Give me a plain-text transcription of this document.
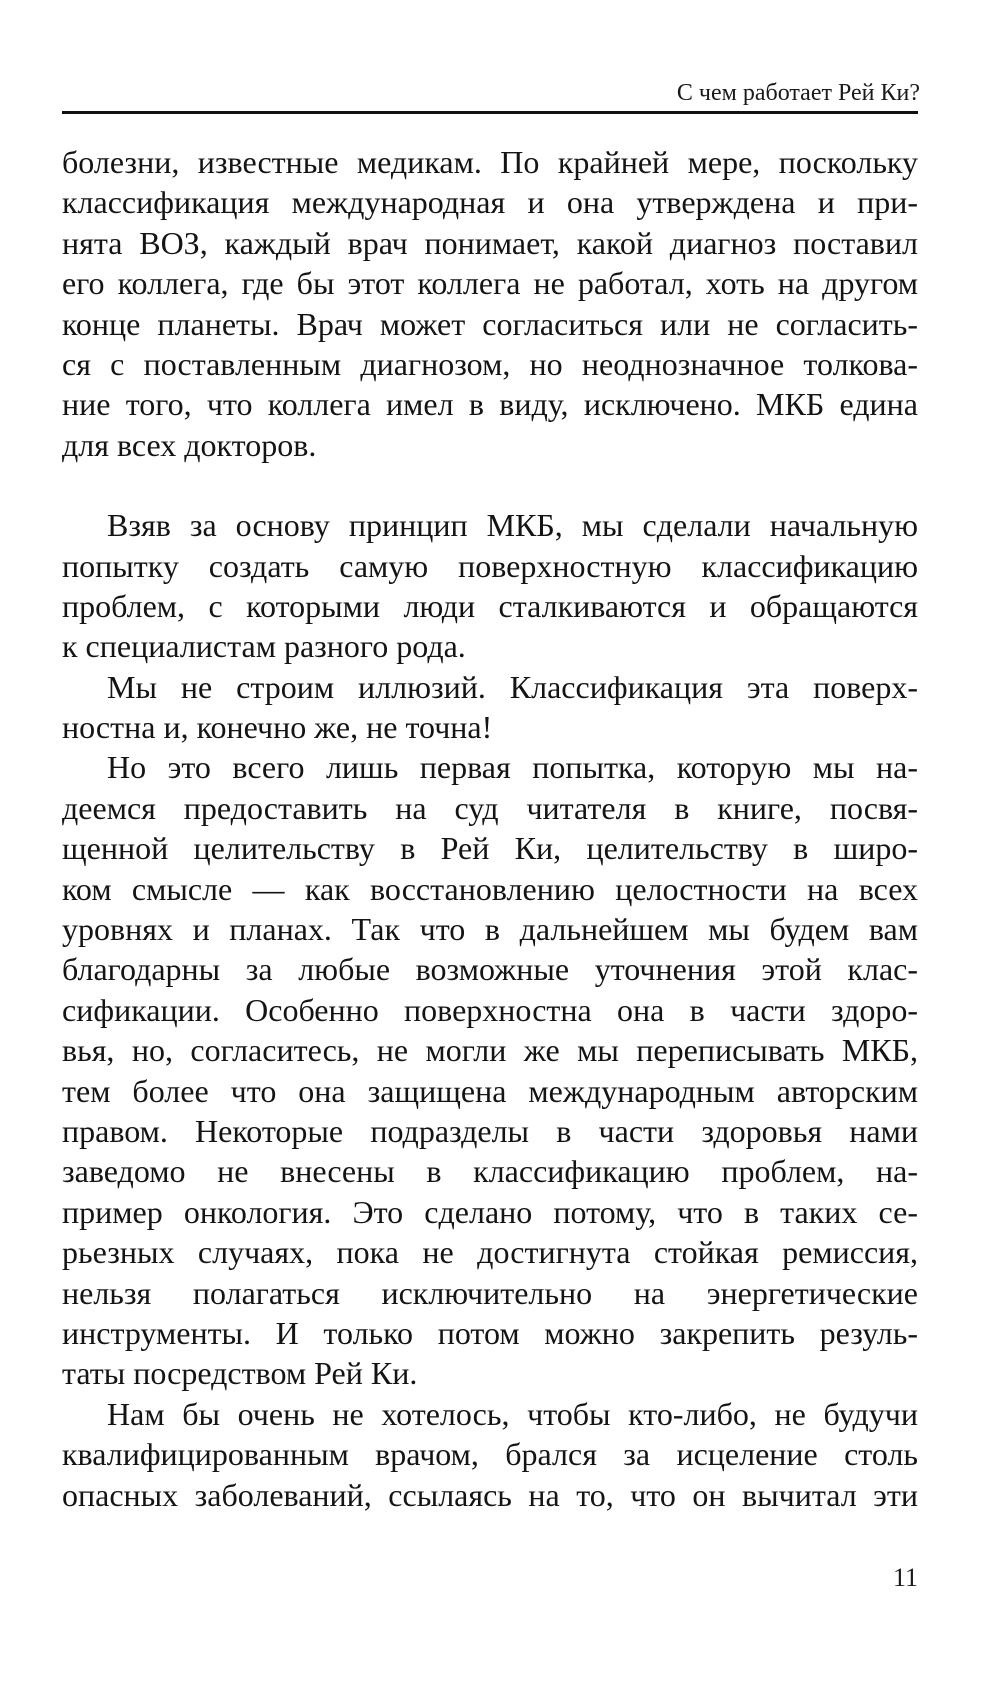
С чем работает Рей Ки?
болезни, известные медикам. По крайней мере, поскольку
классификация международная и она утверждена и при-
нята ВОЗ, каждый врач понимает, какой диагноз поставил
его коллега, где бы этот коллега не работал, хоть на другом
конце планеты. Врач может согласиться или не согласить-
ся с поставленным диагнозом, но неоднозначное толкова-
ние того, что коллега имел в виду, исключено. МКБ едина
для всех докторов.
Взяв за основу принцип МКБ, мы сделали начальную
попытку создать самую поверхностную классификацию
проблем, с которыми люди сталкиваются и обращаются
к специалистам разного рода.
Мы не строим иллюзий. Классификация эта поверх-
ностна и, конечно же, не точна!
Но это всего лишь первая попытка, которую мы на-
деемся предоставить на суд читателя в книге, посвя-
щенной целительству в Рей Ки, целительству в широ-
ком смысле — как восстановлению целостности на всех
уровнях и планах. Так что в дальнейшем мы будем вам
благодарны за любые возможные уточнения этой клас-
сификации. Особенно поверхностна она в части здоро-
вья, но, согласитесь, не могли же мы переписывать МКБ,
тем более что она защищена международным авторским
правом. Некоторые подразделы в части здоровья нами
заведомо не внесены в классификацию проблем, на-
пример онкология. Это сделано потому, что в таких се-
рьезных случаях, пока не достигнута стойкая ремиссия,
нельзя полагаться исключительно на энергетические
инструменты. И только потом можно закрепить резуль-
таты посредством Рей Ки.
Нам бы очень не хотелось, чтобы кто-либо, не будучи
квалифицированным врачом, брался за исцеление столь
опасных заболеваний, ссылаясь на то, что он вычитал эти
11
